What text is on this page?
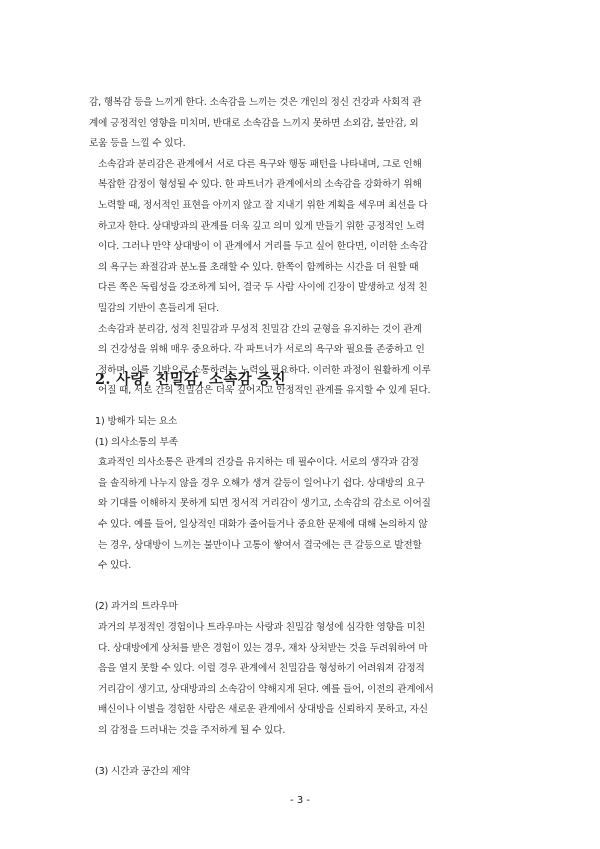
감, 행복감 등을 느끼게 한다. 소속감을 느끼는 것은 개인의 정신 건강과 사회적 관
계에 긍정적인 영향을 미치며, 반대로 소속감을 느끼지 못하면 소외감, 불안감, 외
로움 등을 느낄 수 있다.
소속감과 분리감은 관계에서 서로 다른 욕구와 행동 패턴을 나타내며, 그로 인해
복잡한 감정이 형성될 수 있다. 한 파트너가 관계에서의 소속감을 강화하기 위해
노력할 때, 정서적인 표현을 아끼지 않고 잘 지내기 위한 계획을 세우며 최선을 다
하고자 한다. 상대방과의 관계를 더욱 깊고 의미 있게 만들기 위한 긍정적인 노력
이다. 그러나 만약 상대방이 이 관계에서 거리를 두고 싶어 한다면, 이러한 소속감
의 욕구는 좌절감과 분노를 초래할 수 있다. 한쪽이 함께하는 시간을 더 원할 때
다른 쪽은 독립성을 강조하게 되어, 결국 두 사람 사이에 긴장이 발생하고 성적 친
밀감의 기반이 흔들리게 된다.
소속감과 분리감, 성적 친밀감과 무성적 친밀감 간의 균형을 유지하는 것이 관계
의 건강성을 위해 매우 중요하다. 각 파트너가 서로의 욕구와 필요를 존중하고 인
정하며, 이를 기반으로 소통하려는 노력이 필요하다. 이러한 과정이 원활하게 이루
어질 때, 서로 간의 친밀감은 더욱 깊어지고 안정적인 관계를 유지할 수 있게 된다.
2. 사랑, 친밀감, 소속감 증진
1) 방해가 되는 요소
(1) 의사소통의 부족
효과적인 의사소통은 관계의 건강을 유지하는 데 필수이다. 서로의 생각과 감정
을 솔직하게 나누지 않을 경우 오해가 생겨 갈등이 일어나기 쉽다. 상대방의 요구
와 기대를 이해하지 못하게 되면 정서적 거리감이 생기고, 소속감의 감소로 이어질
수 있다. 예를 들어, 일상적인 대화가 줄어들거나 중요한 문제에 대해 논의하지 않
는 경우, 상대방이 느끼는 불만이나 고통이 쌓여서 결국에는 큰 갈등으로 발전할
수 있다.
(2) 과거의 트라우마
과거의 부정적인 경험이나 트라우마는 사랑과 친밀감 형성에 심각한 영향을 미친
다. 상대방에게 상처를 받은 경험이 있는 경우, 재차 상처받는 것을 두려워하여 마
음을 열지 못할 수 있다. 이럴 경우 관계에서 친밀감을 형성하기 어려워져 감정적
거리감이 생기고, 상대방과의 소속감이 약해지게 된다. 예를 들어, 이전의 관계에서
배신이나 이별을 경험한 사람은 새로운 관계에서 상대방을 신뢰하지 못하고, 자신
의 감정을 드러내는 것을 주저하게 될 수 있다.
(3) 시간과 공간의 제약
- 3 -
